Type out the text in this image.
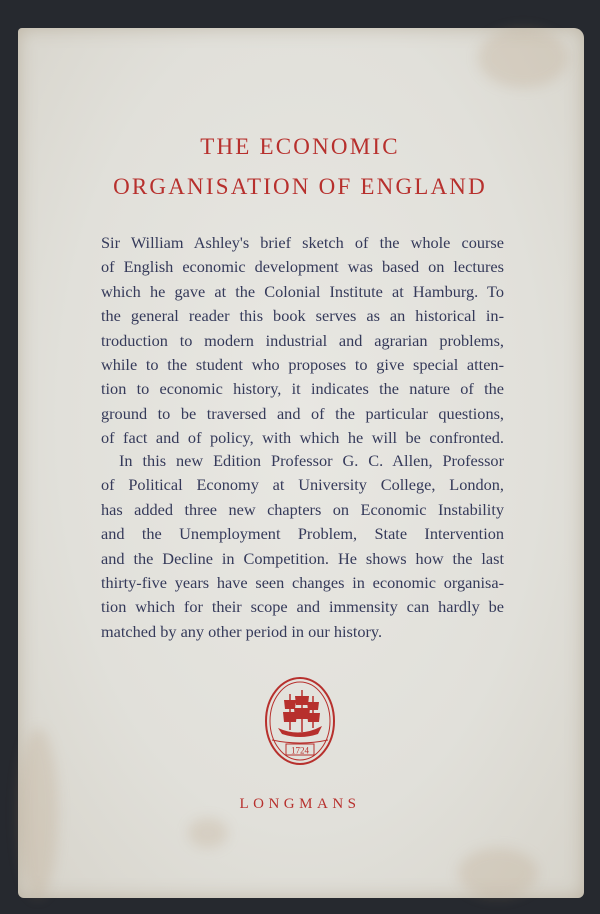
THE ECONOMIC
ORGANISATION OF ENGLAND
Sir William Ashley's brief sketch of the whole course
of English economic development was based on lectures
which he gave at the Colonial Institute at Hamburg. To
the general reader this book serves as an historical in-
troduction to modern industrial and agrarian problems,
while to the student who proposes to give special atten-
tion to economic history, it indicates the nature of the
ground to be traversed and of the particular questions,
of fact and of policy, with which he will be confronted.
In this new Edition Professor G. C. Allen, Professor
of Political Economy at University College, London,
has added three new chapters on Economic Instability
and the Unemployment Problem, State Intervention
and the Decline in Competition. He shows how the last
thirty-five years have seen changes in economic organisa-
tion which for their scope and immensity can hardly be
matched by any other period in our history.
1724
LONGMANS
